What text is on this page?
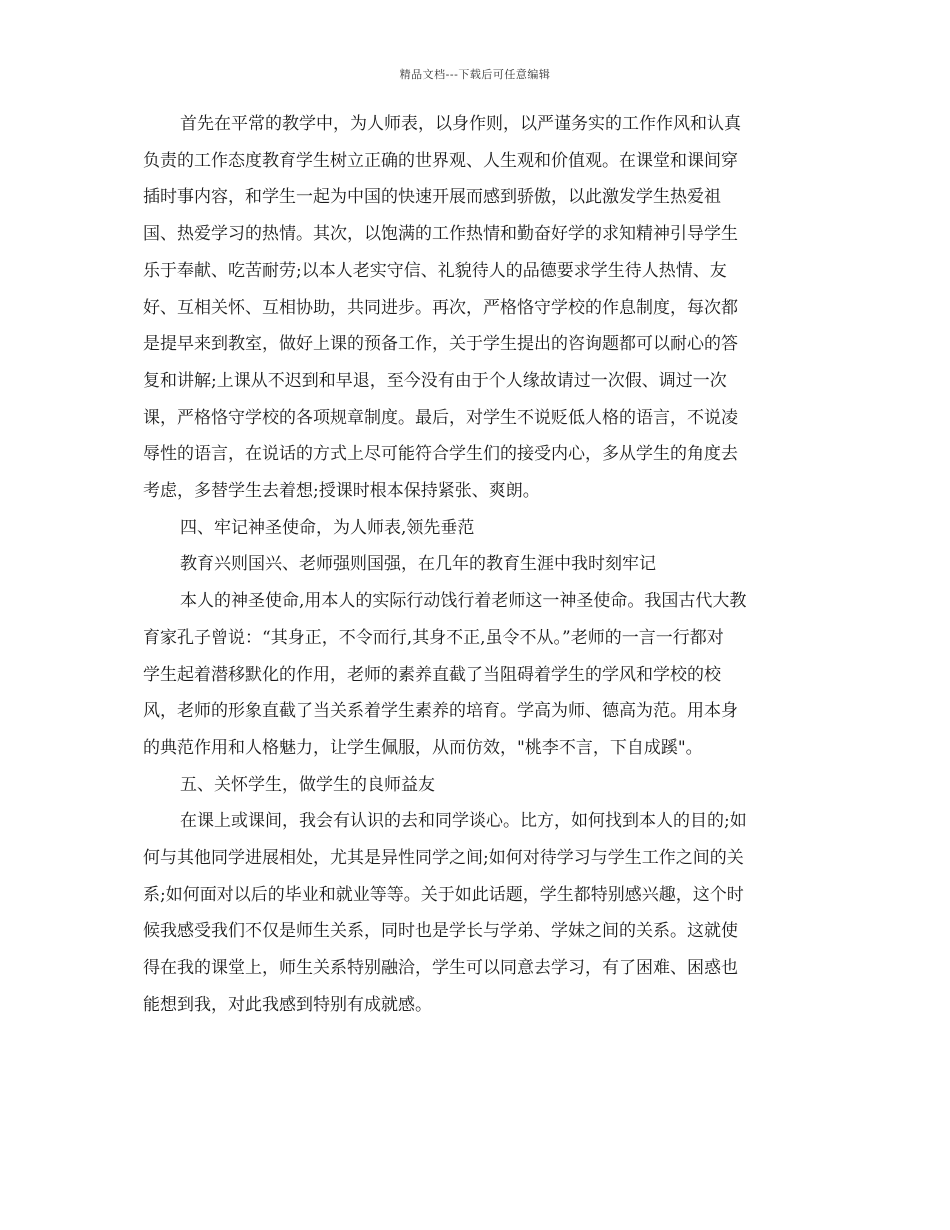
精品文档---下载后可任意编辑
首先在平常的教学中，为人师表，以身作则，以严谨务实的工作作风和认真
负责的工作态度教育学生树立正确的世界观、人生观和价值观。在课堂和课间穿
插时事内容，和学生一起为中国的快速开展而感到骄傲，以此激发学生热爱祖
国、热爱学习的热情。其次，以饱满的工作热情和勤奋好学的求知精神引导学生
乐于奉献、吃苦耐劳;以本人老实守信、礼貌待人的品德要求学生待人热情、友
好、互相关怀、互相协助，共同进步。再次，严格恪守学校的作息制度，每次都
是提早来到教室，做好上课的预备工作，关于学生提出的咨询题都可以耐心的答
复和讲解;上课从不迟到和早退，至今没有由于个人缘故请过一次假、调过一次
课，严格恪守学校的各项规章制度。最后，对学生不说贬低人格的语言，不说凌
辱性的语言，在说话的方式上尽可能符合学生们的接受内心，多从学生的角度去
考虑，多替学生去着想;授课时根本保持紧张、爽朗。
四、牢记神圣使命，为人师表,领先垂范
教育兴则国兴、老师强则国强，在几年的教育生涯中我时刻牢记
本人的神圣使命,用本人的实际行动饯行着老师这一神圣使命。我国古代大教
育家孔子曾说：“其身正，不令而行,其身不正,虽令不从。”老师的一言一行都对
学生起着潜移默化的作用，老师的素养直截了当阻碍着学生的学风和学校的校
风，老师的形象直截了当关系着学生素养的培育。学高为师、德高为范。用本身
的典范作用和人格魅力，让学生佩服，从而仿效，"桃李不言，下自成蹊"。
五、关怀学生，做学生的良师益友
在课上或课间，我会有认识的去和同学谈心。比方，如何找到本人的目的;如
何与其他同学进展相处，尤其是异性同学之间;如何对待学习与学生工作之间的关
系;如何面对以后的毕业和就业等等。关于如此话题，学生都特别感兴趣，这个时
候我感受我们不仅是师生关系，同时也是学长与学弟、学妹之间的关系。这就使
得在我的课堂上，师生关系特别融洽，学生可以同意去学习，有了困难、困惑也
能想到我，对此我感到特别有成就感。
